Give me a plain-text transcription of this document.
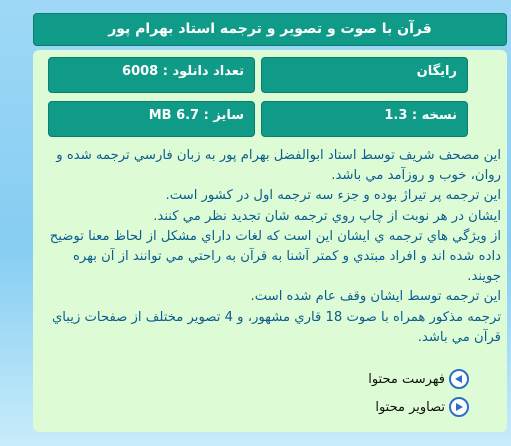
قرآن با صوت و تصوير و ترجمه استاد بهرام پور
رايگان
تعداد دانلود : 6008
نسخه : 1.3
سايز : 6.7 MB

اين مصحف شريف توسط استاد ابوالفضل بهرام پور به زبان فارسي ترجمه شده و روان، خوب و روزآمد مي باشد.

اين ترجمه پر تيراژ بوده و جزء سه ترجمه اول در كشور است.

ايشان در هر نوبت از چاپ روي ترجمه شان تجديد نظر مي كنند.

از ويژگي هاي ترجمه ي ايشان اين است كه لغات داراي مشكل از لحاظ معنا توضيح داده شده اند و افراد مبتدي و كمتر آشنا به قرآن به راحتي مي توانند از آن بهره جويند.

اين ترجمه توسط ايشان وقف عام شده است.

ترجمه مذكور همراه با صوت 18 قاري مشهور، و 4 تصوير مختلف از صفحات زيباي قرآن مي باشد.

فهرست محتوا
تصاوير محتوا
